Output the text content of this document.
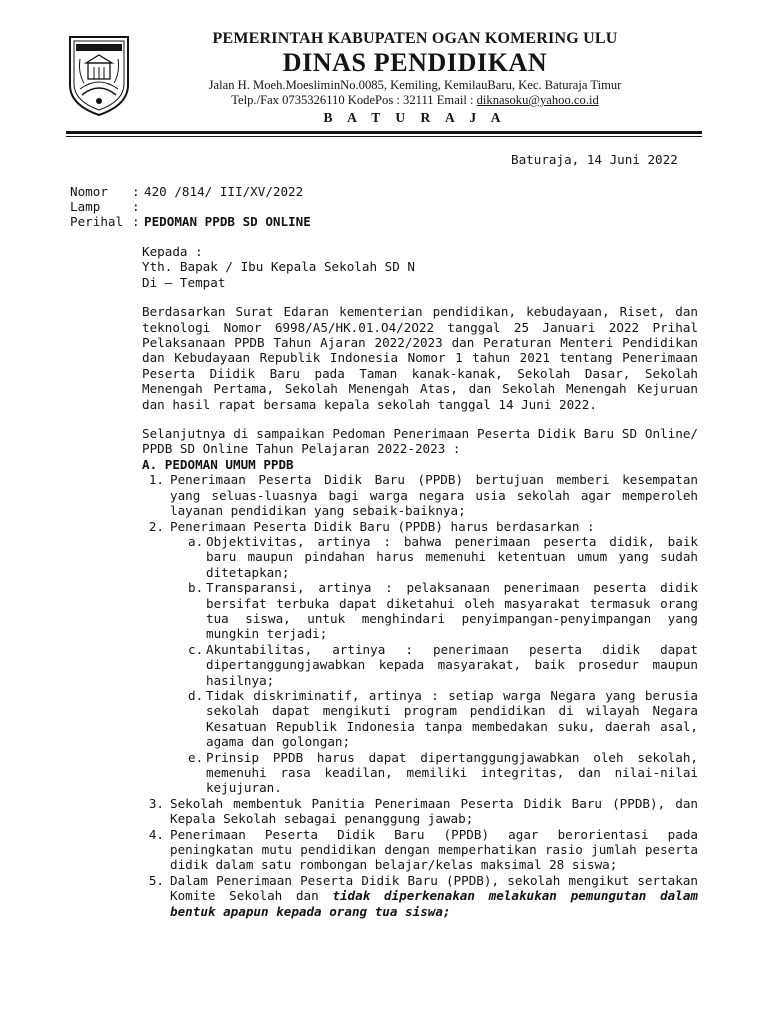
PEMERINTAH KABUPATEN OGAN KOMERING ULU
DINAS PENDIDIKAN
Jalan H. Moeh.MoesliminNo.0085, Kemiling, KemilauBaru, Kec. Baturaja Timur
Telp./Fax 0735326110 KodePos : 32111 Email : diknasoku@yahoo.co.id
B A T U R A J A
Baturaja, 14 Juni 2022
Nomor	: 420 /814/ III/XV/2022
Lamp	:
Perihal : PEDOMAN PPDB SD ONLINE

Kepada :

Yth. Bapak / Ibu Kepala Sekolah SD N

Di – Tempat

Berdasarkan Surat Edaran kementerian pendidikan, kebudayaan, Riset, dan teknologi Nomor 6998/A5/HK.01.O4/2O22 tanggal 25 Januari 2O22 Prihal Pelaksanaan PPDB Tahun Ajaran 2022/2023 dan Peraturan Menteri Pendidikan dan Kebudayaan Republik Indonesia Nomor 1 tahun 2021 tentang Penerimaan Peserta Diidik Baru pada Taman kanak-kanak, Sekolah Dasar, Sekolah Menengah Pertama, Sekolah Menengah Atas, dan Sekolah Menengah Kejuruan dan hasil rapat bersama kepala sekolah tanggal 14 Juni 2022.

Selanjutnya di sampaikan Pedoman Penerimaan Peserta Didik Baru SD Online/ PPDB SD Online Tahun Pelajaran 2022-2023 :

A. PEDOMAN UMUM PPDB

1. Penerimaan Peserta Didik Baru (PPDB) bertujuan memberi kesempatan yang seluas-luasnya bagi warga negara usia sekolah agar memperoleh layanan pendidikan yang sebaik-baiknya;
2. Penerimaan Peserta Didik Baru (PPDB) harus berdasarkan :
a. Objektivitas, artinya : bahwa penerimaan peserta didik, baik baru maupun pindahan harus memenuhi ketentuan umum yang sudah ditetapkan;
b. Transparansi, artinya : pelaksanaan penerimaan peserta didik bersifat terbuka dapat diketahui oleh masyarakat termasuk orang tua siswa, untuk menghindari penyimpangan-penyimpangan yang mungkin terjadi;
c. Akuntabilitas, artinya : penerimaan peserta didik dapat dipertanggungjawabkan kepada masyarakat, baik prosedur maupun hasilnya;
d. Tidak diskriminatif, artinya : setiap warga Negara yang berusia sekolah dapat mengikuti program pendidikan di wilayah Negara Kesatuan Republik Indonesia tanpa membedakan suku, daerah asal, agama dan golongan;
e. Prinsip PPDB harus dapat dipertanggungjawabkan oleh sekolah, memenuhi rasa keadilan, memiliki integritas, dan nilai-nilai kejujuran.
3. Sekolah membentuk Panitia Penerimaan Peserta Didik Baru (PPDB), dan Kepala Sekolah sebagai penanggung jawab;
4. Penerimaan Peserta Didik Baru (PPDB) agar berorientasi pada peningkatan mutu pendidikan dengan memperhatikan rasio jumlah peserta didik dalam satu rombongan belajar/kelas maksimal 28 siswa;
5. Dalam Penerimaan Peserta Didik Baru (PPDB), sekolah mengikut sertakan Komite Sekolah dan tidak diperkenakan melakukan pemungutan dalam bentuk apapun kepada orang tua siswa;
